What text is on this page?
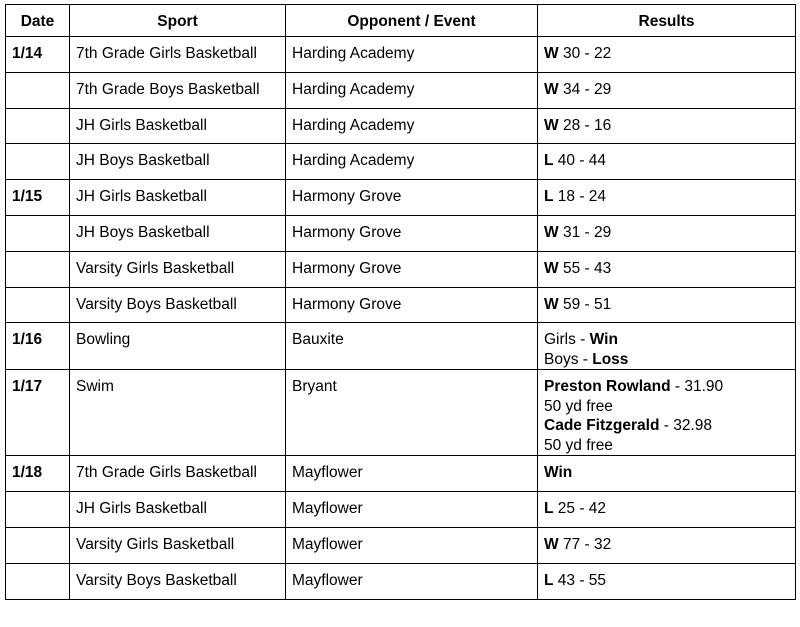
Date	Sport	Opponent / Event	Results
1/14	7th Grade Girls Basketball	Harding Academy	W 30 - 22
	7th Grade Boys Basketball	Harding Academy	W 34 - 29
	JH Girls Basketball	Harding Academy	W 28 - 16
	JH Boys Basketball	Harding Academy	L 40 - 44
1/15	JH Girls Basketball	Harmony Grove	L 18 - 24
	JH Boys Basketball	Harmony Grove	W 31 - 29
	Varsity Girls Basketball	Harmony Grove	W 55 - 43
	Varsity Boys Basketball	Harmony Grove	W 59 - 51
1/16	Bowling	Bauxite	Girls - Win
Boys - Loss

1/17	Swim	Bryant	Preston Rowland - 31.90
50 yd free
Cade Fitzgerald - 32.98
50 yd free

1/18	7th Grade Girls Basketball	Mayflower	Win
	JH Girls Basketball	Mayflower	L 25 - 42
	Varsity Girls Basketball	Mayflower	W 77 - 32
	Varsity Boys Basketball	Mayflower	L 43 - 55
